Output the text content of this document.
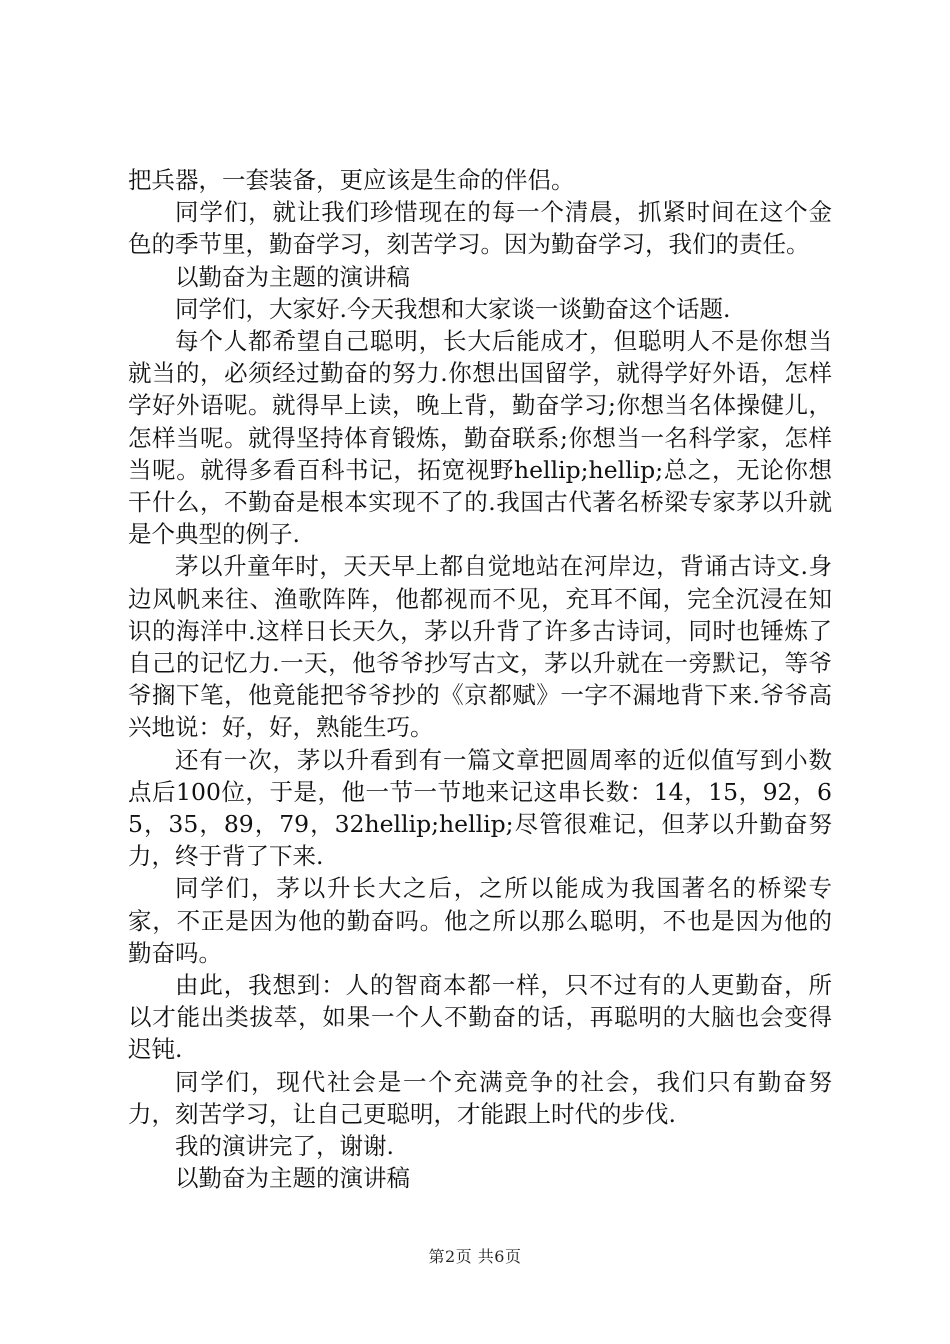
把兵器，一套装备，更应该是生命的伴侣。

同学们，就让我们珍惜现在的每一个清晨，抓紧时间在这个金色的季节里，勤奋学习，刻苦学习。因为勤奋学习，我们的责任。

以勤奋为主题的演讲稿

同学们，大家好.今天我想和大家谈一谈勤奋这个话题.

每个人都希望自己聪明，长大后能成才，但聪明人不是你想当就当的，必须经过勤奋的努力.你想出国留学，就得学好外语，怎样学好外语呢。就得早上读，晚上背，勤奋学习;你想当名体操健儿，怎样当呢。就得坚持体育锻炼，勤奋联系;你想当一名科学家，怎样当呢。就得多看百科书记，拓宽视野hellip;hellip;总之，无论你想干什么，不勤奋是根本实现不了的.我国古代著名桥梁专家茅以升就是个典型的例子.

茅以升童年时，天天早上都自觉地站在河岸边，背诵古诗文.身边风帆来往、渔歌阵阵，他都视而不见，充耳不闻，完全沉浸在知识的海洋中.这样日长天久，茅以升背了许多古诗词，同时也锤炼了自己的记忆力.一天，他爷爷抄写古文，茅以升就在一旁默记，等爷爷搁下笔，他竟能把爷爷抄的《京都赋》一字不漏地背下来.爷爷高兴地说：好，好，熟能生巧。

还有一次，茅以升看到有一篇文章把圆周率的近似值写到小数点后100位，于是，他一节一节地来记这串长数：14，15，92，65，35，89，79，32hellip;hellip;尽管很难记，但茅以升勤奋努力，终于背了下来.

同学们，茅以升长大之后，之所以能成为我国著名的桥梁专家，不正是因为他的勤奋吗。他之所以那么聪明，不也是因为他的勤奋吗。

由此，我想到：人的智商本都一样，只不过有的人更勤奋，所以才能出类拔萃，如果一个人不勤奋的话，再聪明的大脑也会变得迟钝.

同学们，现代社会是一个充满竞争的社会，我们只有勤奋努力，刻苦学习，让自己更聪明，才能跟上时代的步伐.

我的演讲完了，谢谢.

以勤奋为主题的演讲稿

第2页 共6页
